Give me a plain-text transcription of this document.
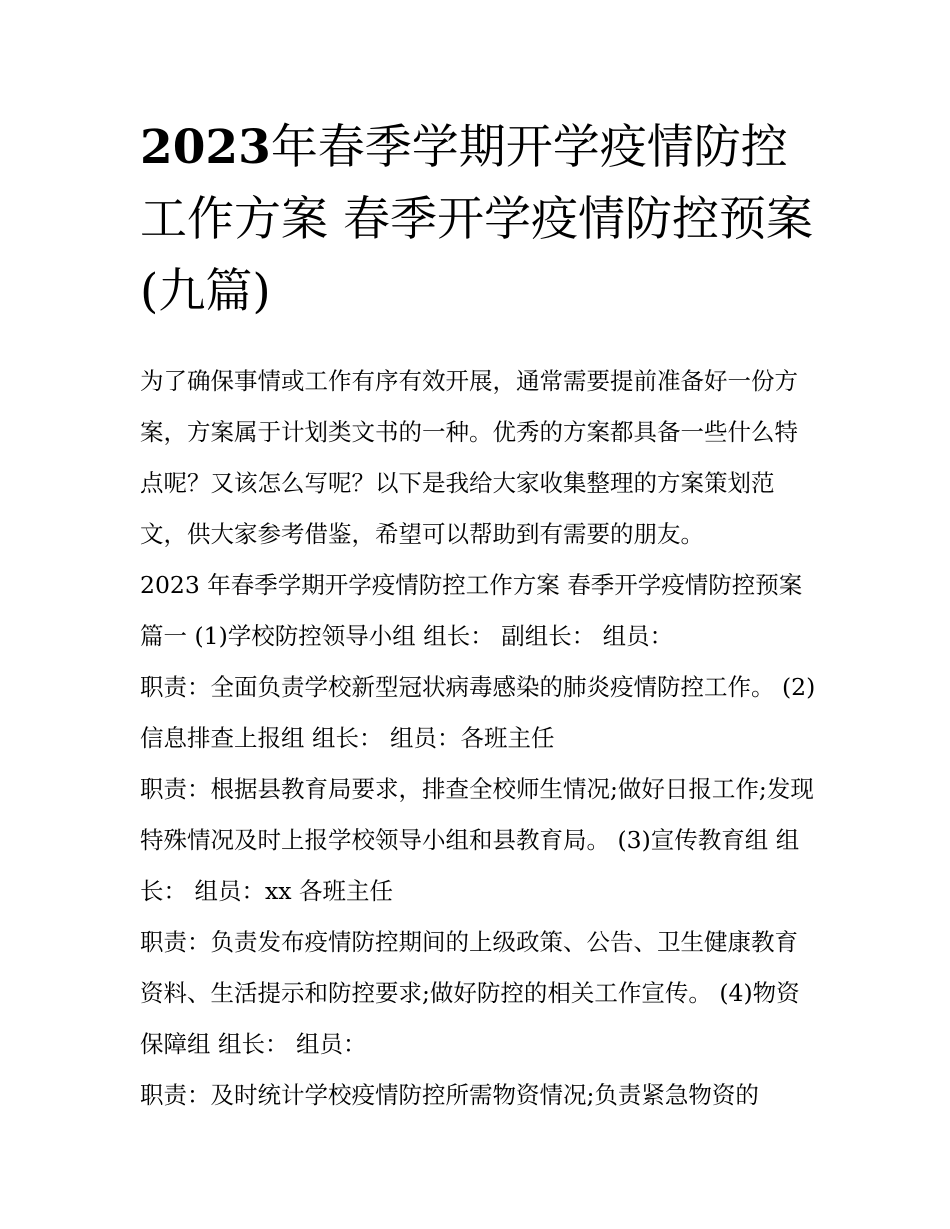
2023年春季学期开学疫情防控工作方案 春季开学疫情防控预案(九篇)

为了确保事情或工作有序有效开展，通常需要提前准备好一份方案，方案属于计划类文书的一种。优秀的方案都具备一些什么特点呢？又该怎么写呢？以下是我给大家收集整理的方案策划范文，供大家参考借鉴，希望可以帮助到有需要的朋友。

2023 年春季学期开学疫情防控工作方案 春季开学疫情防控预案篇一 (1)学校防控领导小组 组长： 副组长： 组员：

职责：全面负责学校新型冠状病毒感染的肺炎疫情防控工作。 (2)信息排查上报组 组长： 组员：各班主任

职责：根据县教育局要求，排查全校师生情况;做好日报工作;发现特殊情况及时上报学校领导小组和县教育局。 (3)宣传教育组 组长： 组员：xx 各班主任

职责：负责发布疫情防控期间的上级政策、公告、卫生健康教育资料、生活提示和防控要求;做好防控的相关工作宣传。 (4)物资保障组 组长： 组员：

职责：及时统计学校疫情防控所需物资情况;负责紧急物资的
